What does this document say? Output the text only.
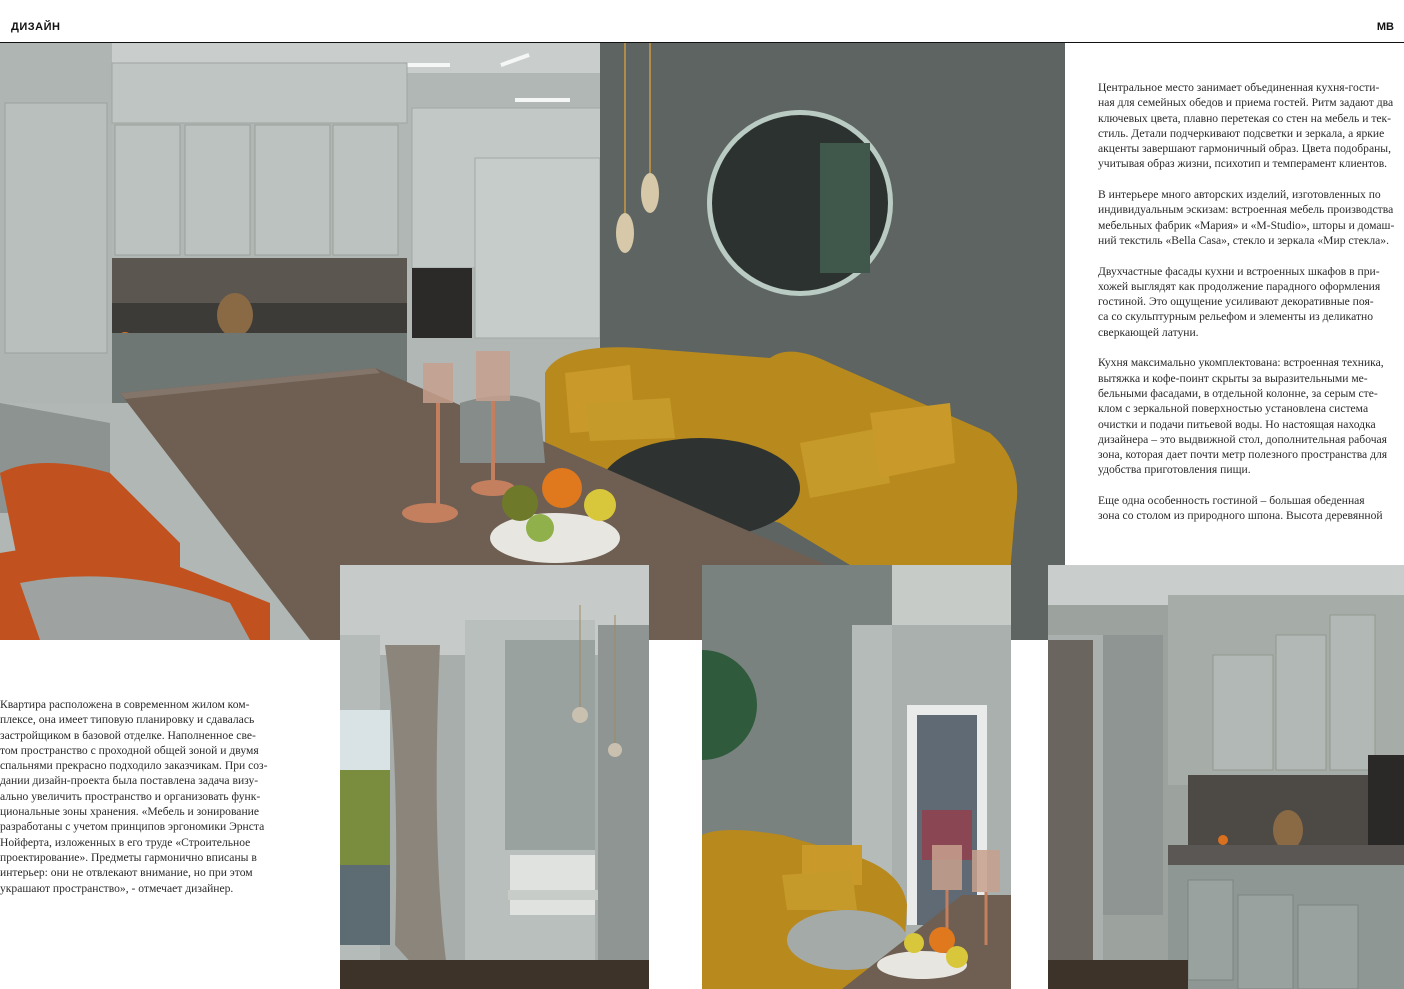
ДИЗАЙН	MB

Центральное место занимает объединенная кухня-гости-
ная для семейных обедов и приема гостей. Ритм задают два
ключевых цвета, плавно перетекая со стен на мебель и тек-
стиль. Детали подчеркивают подсветки и зеркала, а яркие
акценты завершают гармоничный образ. Цвета подобраны,
учитывая образ жизни, психотип и темперамент клиентов.

В интерьере много авторских изделий, изготовленных по
индивидуальным эскизам: встроенная мебель производства
мебельных фабрик «Мария» и «M-Studio», шторы и домаш-
ний текстиль «Bella Casa», стекло и зеркала «Мир стекла».

Двухчастные фасады кухни и встроенных шкафов в при-
хожей выглядят как продолжение парадного оформления
гостиной. Это ощущение усиливают декоративные поя-
са со скульптурным рельефом и элементы из деликатно
сверкающей латуни.

Кухня максимально укомплектована: встроенная техника,
вытяжка и кофе-поинт скрыты за выразительными ме-
бельными фасадами, в отдельной колонне, за серым сте-
клом с зеркальной поверхностью установлена система
очистки и подачи питьевой воды. Но настоящая находка
дизайнера – это выдвижной стол, дополнительная рабочая
зона, которая дает почти метр полезного пространства для
удобства приготовления пищи.

Еще одна особенность гостиной – большая обеденная
зона со столом из природного шпона. Высота деревянной

Квартира расположена в современном жилом ком-
плексе, она имеет типовую планировку и сдавалась
застройщиком в базовой отделке. Наполненное све-
том пространство с проходной общей зоной и двумя
спальнями прекрасно подходило заказчикам. При соз-
дании дизайн-проекта была поставлена задача визу-
ально увеличить пространство и организовать функ-
циональные зоны хранения. «Мебель и зонирование
разработаны с учетом принципов эргономики Эрнста
Нойферта, изложенных в его труде «Строительное
проектирование». Предметы гармонично вписаны в
интерьер: они не отвлекают внимание, но при этом
украшают пространство», - отмечает дизайнер.
